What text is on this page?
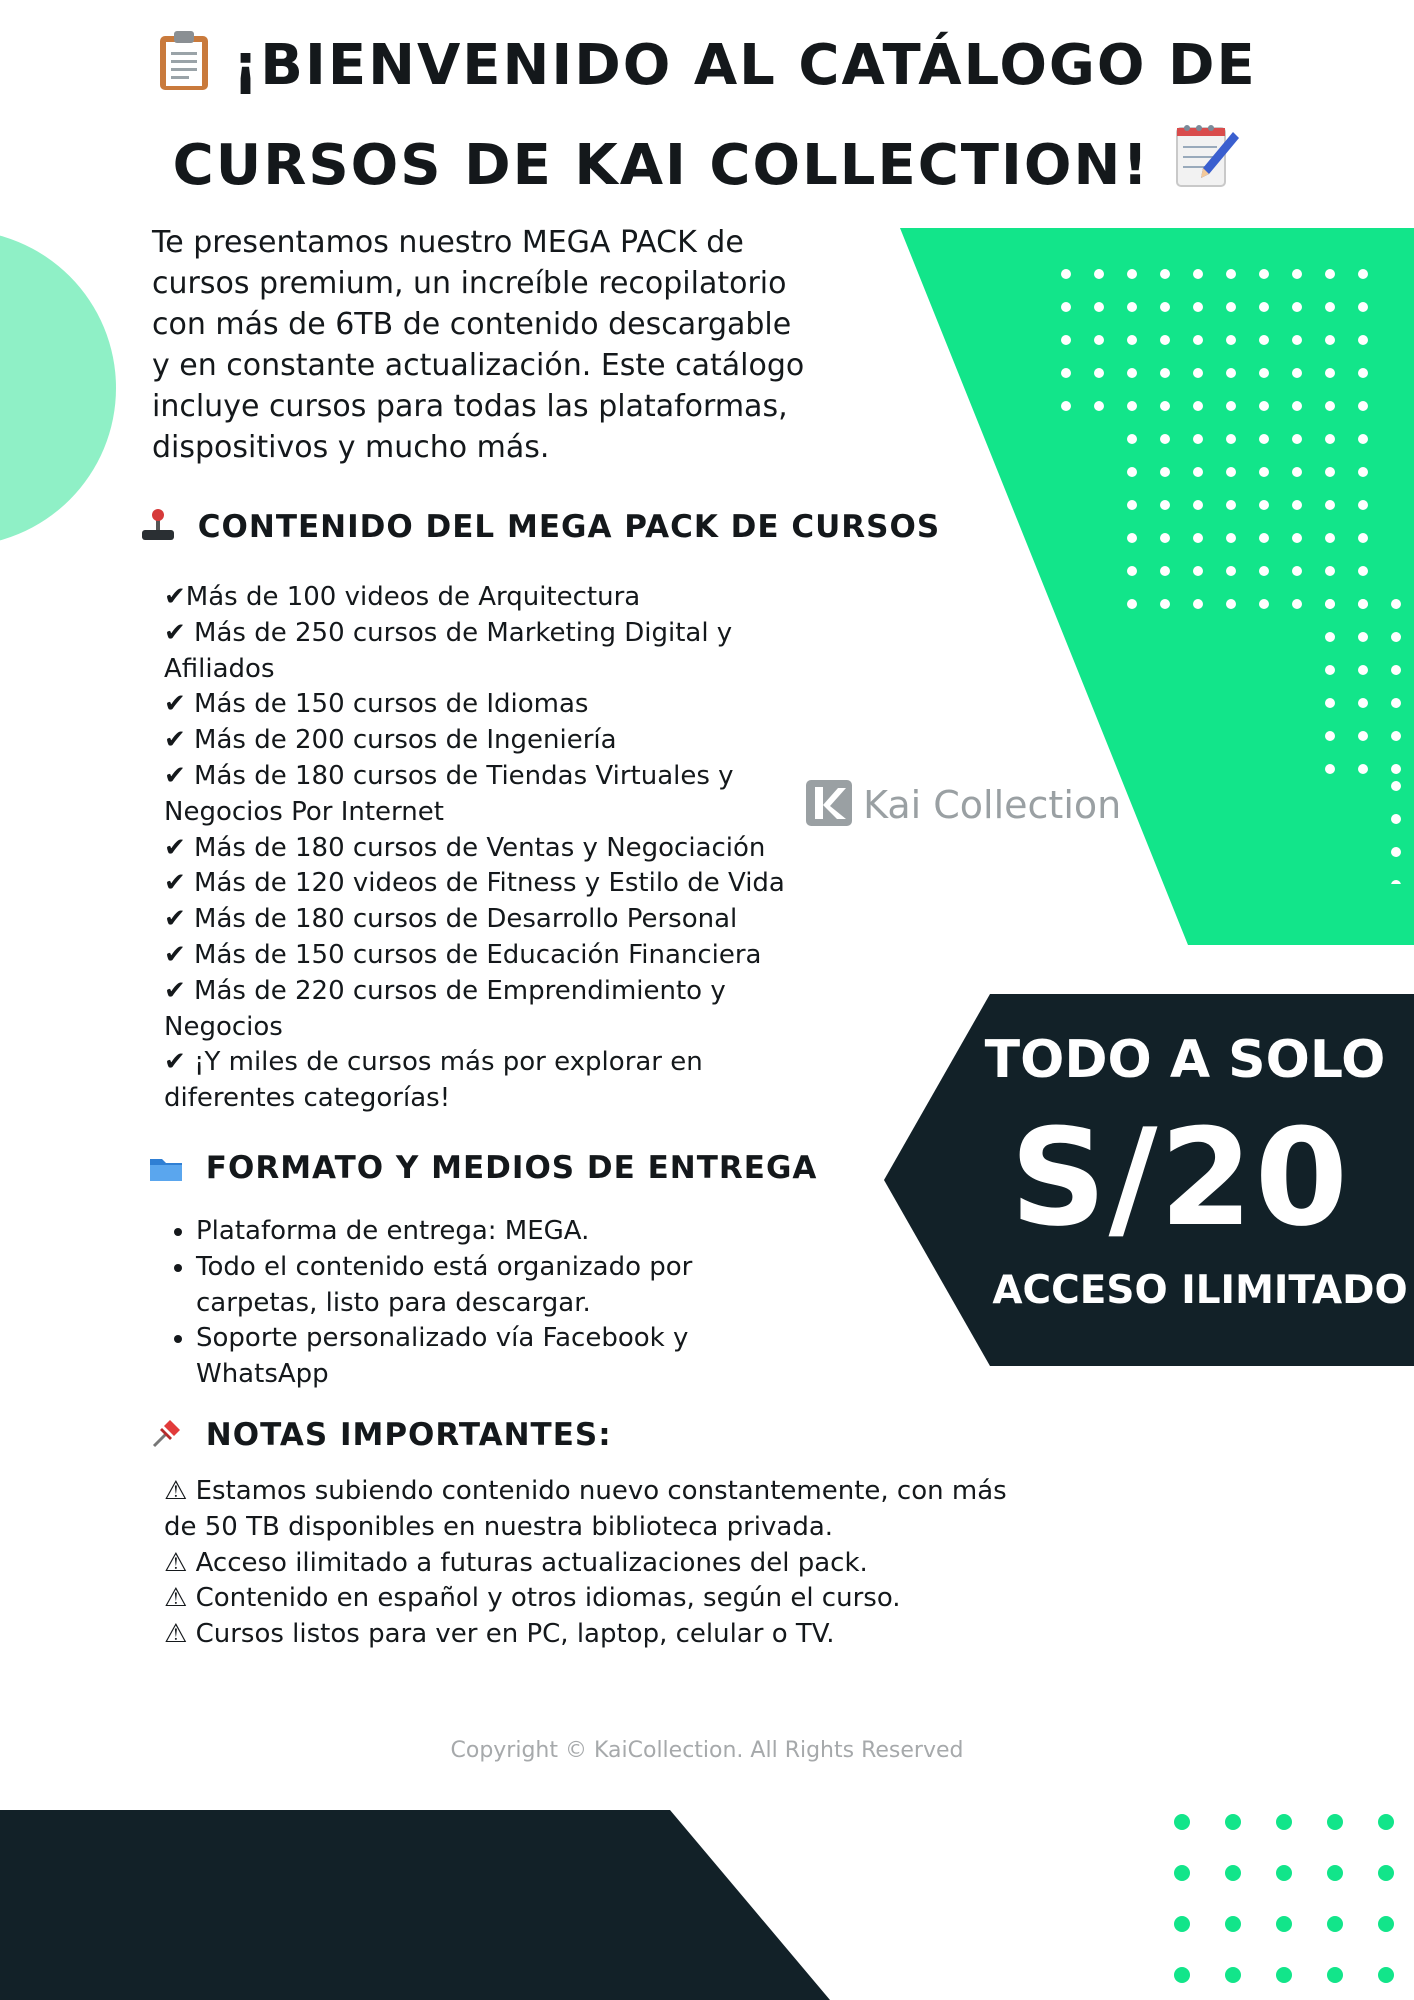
¡BIENVENIDO AL CATÁLOGO DE
CURSOS DE KAI COLLECTION!
Te presentamos nuestro MEGA PACK de cursos premium, un increíble recopilatorio con más de 6TB de contenido descargable y en constante actualización. Este catálogo incluye cursos para todas las plataformas, dispositivos y mucho más.
CONTENIDO DEL MEGA PACK DE CURSOS
✔Más de 100 videos de Arquitectura
✔ Más de 250 cursos de Marketing Digital y Afiliados
✔ Más de 150 cursos de Idiomas
✔ Más de 200 cursos de Ingeniería
✔ Más de 180 cursos de Tiendas Virtuales y Negocios Por Internet
✔ Más de 180 cursos de Ventas y Negociación
✔ Más de 120 videos de Fitness y Estilo de Vida
✔ Más de 180 cursos de Desarrollo Personal
✔ Más de 150 cursos de Educación Financiera
✔ Más de 220 cursos de Emprendimiento y Negocios
✔ ¡Y miles de cursos más por explorar en diferentes categorías!
Kai Collection
TODO A SOLO
S/20
ACCESO ILIMITADO
FORMATO Y MEDIOS DE ENTREGA
• Plataforma de entrega: MEGA.
• Todo el contenido está organizado por carpetas, listo para descargar.
• Soporte personalizado vía Facebook y WhatsApp
NOTAS IMPORTANTES:
⚠ Estamos subiendo contenido nuevo constantemente, con más de 50 TB disponibles en nuestra biblioteca privada.
⚠ Acceso ilimitado a futuras actualizaciones del pack.
⚠ Contenido en español y otros idiomas, según el curso.
⚠ Cursos listos para ver en PC, laptop, celular o TV.
Copyright © KaiCollection. All Rights Reserved
